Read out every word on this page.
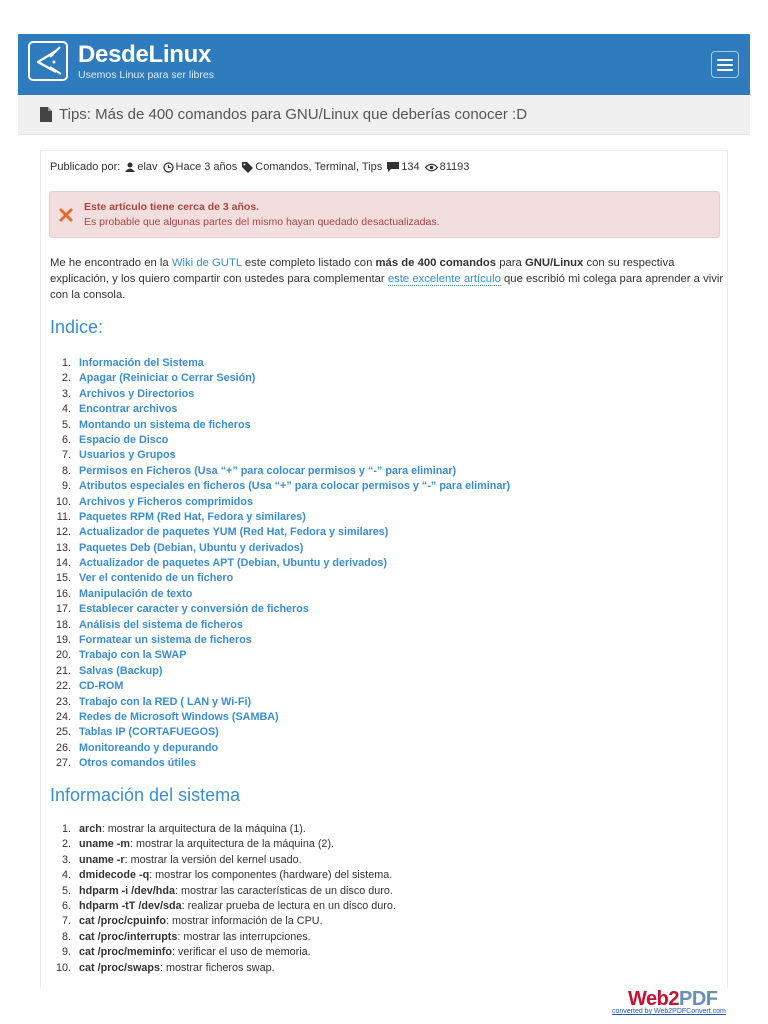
DesdeLinux
Usemos Linux para ser libres
Tips: Más de 400 comandos para GNU/Linux que deberías conocer :D
Publicado por: elav Hace 3 años Comandos, Terminal, Tips 134 81193
Este artículo tiene cerca de 3 años.
Es probable que algunas partes del mismo hayan quedado desactualizadas.

Me he encontrado en la Wiki de GUTL este completo listado con más de 400 comandos para GNU/Linux con su respectiva explicación, y los quiero compartir con ustedes para complementar este excelente artículo que escribió mi colega para aprender a vivir con la consola.

Indice:
1. Información del Sistema
2. Apagar (Reiniciar o Cerrar Sesión)
3. Archivos y Directorios
4. Encontrar archivos
5. Montando un sistema de ficheros
6. Espacio de Disco
7. Usuarios y Grupos
8. Permisos en Ficheros (Usa “+” para colocar permisos y “-” para eliminar)
9. Atributos especiales en ficheros (Usa “+” para colocar permisos y “-” para eliminar)
10. Archivos y Ficheros comprimidos
11. Paquetes RPM (Red Hat, Fedora y similares)
12. Actualizador de paquetes YUM (Red Hat, Fedora y similares)
13. Paquetes Deb (Debian, Ubuntu y derivados)
14. Actualizador de paquetes APT (Debian, Ubuntu y derivados)
15. Ver el contenido de un fichero
16. Manipulación de texto
17. Establecer caracter y conversión de ficheros
18. Análisis del sistema de ficheros
19. Formatear un sistema de ficheros
20. Trabajo con la SWAP
21. Salvas (Backup)
22. CD-ROM
23. Trabajo con la RED ( LAN y Wi-Fi)
24. Redes de Microsoft Windows (SAMBA)
25. Tablas IP (CORTAFUEGOS)
26. Monitoreando y depurando
27. Otros comandos útiles
Información del sistema
1. arch : mostrar la arquitectura de la máquina (1).
2. uname -m : mostrar la arquitectura de la máquina (2).
3. uname -r : mostrar la versión del kernel usado.
4. dmidecode -q : mostrar los componentes (hardware) del sistema.
5. hdparm -i /dev/hda : mostrar las características de un disco duro.
6. hdparm -tT /dev/sda : realizar prueba de lectura en un disco duro.
7. cat /proc/cpuinfo : mostrar información de la CPU.
8. cat /proc/interrupts : mostrar las interrupciones.
9. cat /proc/meminfo : verificar el uso de memoria.
10. cat /proc/swaps : mostrar ficheros swap.
Web2PDF
converted by Web2PDFConvert.com
